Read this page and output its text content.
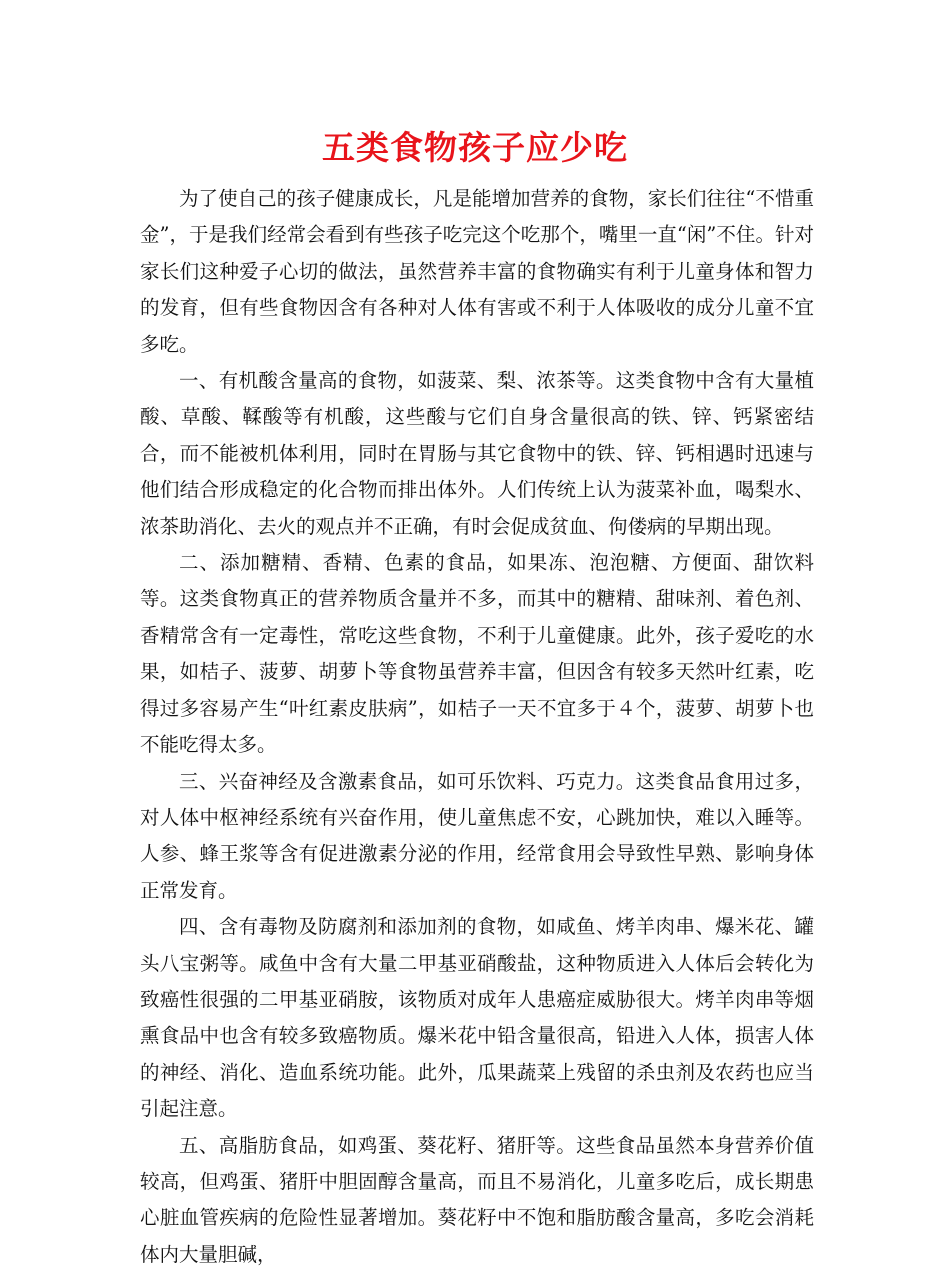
五类食物孩子应少吃

为了使自己的孩子健康成长，凡是能增加营养的食物，家长们往往“不惜重金”，于是我们经常会看到有些孩子吃完这个吃那个，嘴里一直“闲”不住。针对家长们这种爱子心切的做法，虽然营养丰富的食物确实有利于儿童身体和智力的发育，但有些食物因含有各种对人体有害或不利于人体吸收的成分儿童不宜多吃。

一、有机酸含量高的食物，如菠菜、梨、浓茶等。这类食物中含有大量植酸、草酸、鞣酸等有机酸，这些酸与它们自身含量很高的铁、锌、钙紧密结合，而不能被机体利用，同时在胃肠与其它食物中的铁、锌、钙相遇时迅速与他们结合形成稳定的化合物而排出体外。人们传统上认为菠菜补血，喝梨水、浓茶助消化、去火的观点并不正确，有时会促成贫血、佝偻病的早期出现。

二、添加糖精、香精、色素的食品，如果冻、泡泡糖、方便面、甜饮料等。这类食物真正的营养物质含量并不多，而其中的糖精、甜味剂、着色剂、香精常含有一定毒性，常吃这些食物，不利于儿童健康。此外，孩子爱吃的水果，如桔子、菠萝、胡萝卜等食物虽营养丰富，但因含有较多天然叶红素，吃得过多容易产生“叶红素皮肤病”，如桔子一天不宜多于４个，菠萝、胡萝卜也不能吃得太多。

三、兴奋神经及含激素食品，如可乐饮料、巧克力。这类食品食用过多，对人体中枢神经系统有兴奋作用，使儿童焦虑不安，心跳加快，难以入睡等。人参、蜂王浆等含有促进激素分泌的作用，经常食用会导致性早熟、影响身体正常发育。

四、含有毒物及防腐剂和添加剂的食物，如咸鱼、烤羊肉串、爆米花、罐头八宝粥等。咸鱼中含有大量二甲基亚硝酸盐，这种物质进入人体后会转化为致癌性很强的二甲基亚硝胺，该物质对成年人患癌症威胁很大。烤羊肉串等烟熏食品中也含有较多致癌物质。爆米花中铅含量很高，铅进入人体，损害人体的神经、消化、造血系统功能。此外，瓜果蔬菜上残留的杀虫剂及农药也应当引起注意。

五、高脂肪食品，如鸡蛋、葵花籽、猪肝等。这些食品虽然本身营养价值较高，但鸡蛋、猪肝中胆固醇含量高，而且不易消化，儿童多吃后，成长期患心脏血管疾病的危险性显著增加。葵花籽中不饱和脂肪酸含量高，多吃会消耗体内大量胆碱，
